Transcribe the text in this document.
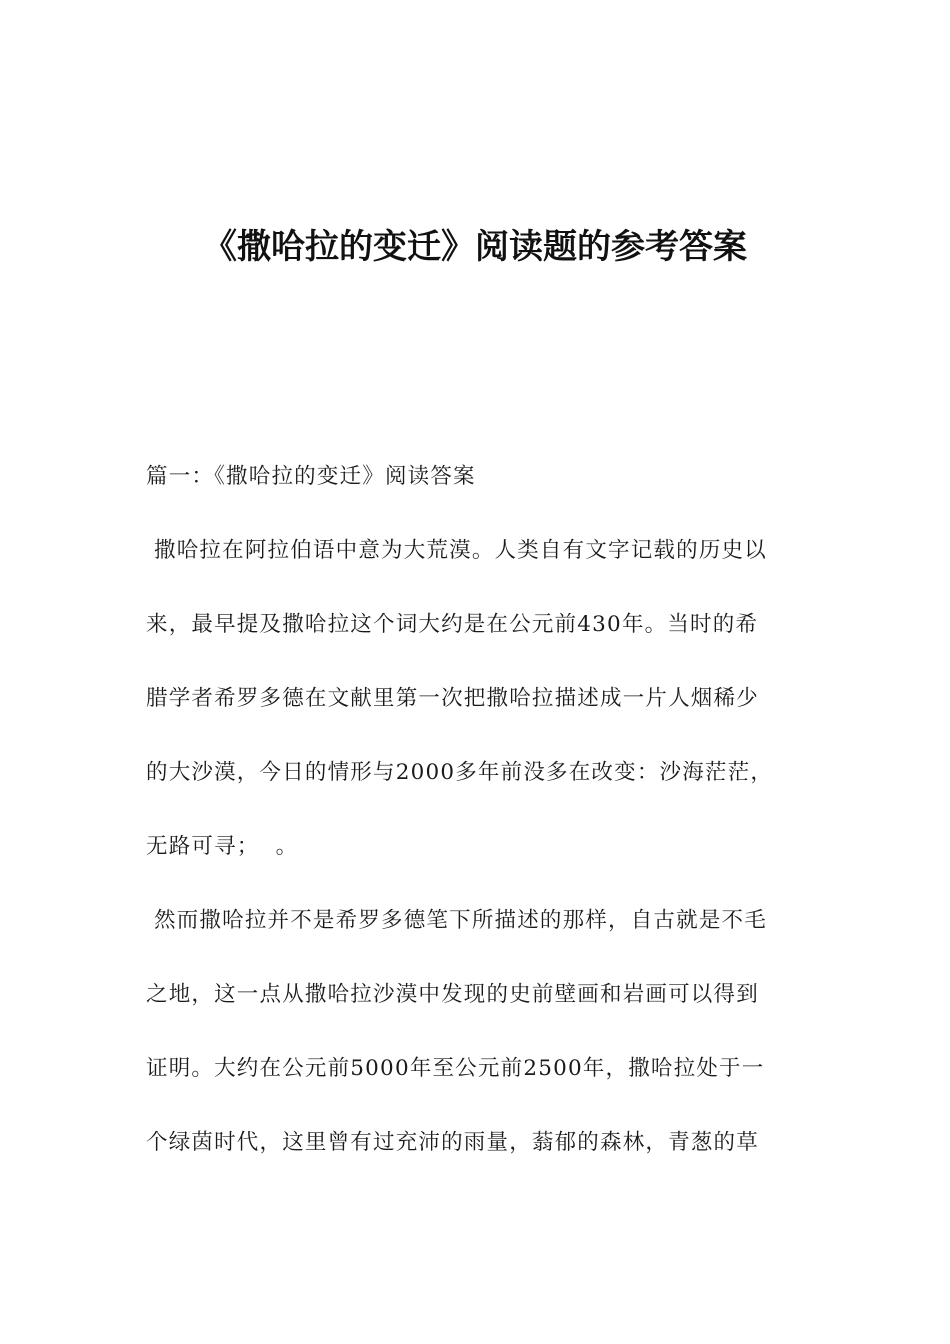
《撒哈拉的变迁》阅读题的参考答案
篇一：《撒哈拉的变迁》阅读答案
撒哈拉在阿拉伯语中意为大荒漠。人类自有文字记载的历史以
来，最早提及撒哈拉这个词大约是在公元前430年。当时的希
腊学者希罗多德在文献里第一次把撒哈拉描述成一片人烟稀少
的大沙漠，今日的情形与2000多年前没多在改变：沙海茫茫，
无路可寻；  。
然而撒哈拉并不是希罗多德笔下所描述的那样，自古就是不毛
之地，这一点从撒哈拉沙漠中发现的史前壁画和岩画可以得到
证明。大约在公元前5000年至公元前2500年，撒哈拉处于一
个绿茵时代，这里曾有过充沛的雨量，蓊郁的森林，青葱的草
